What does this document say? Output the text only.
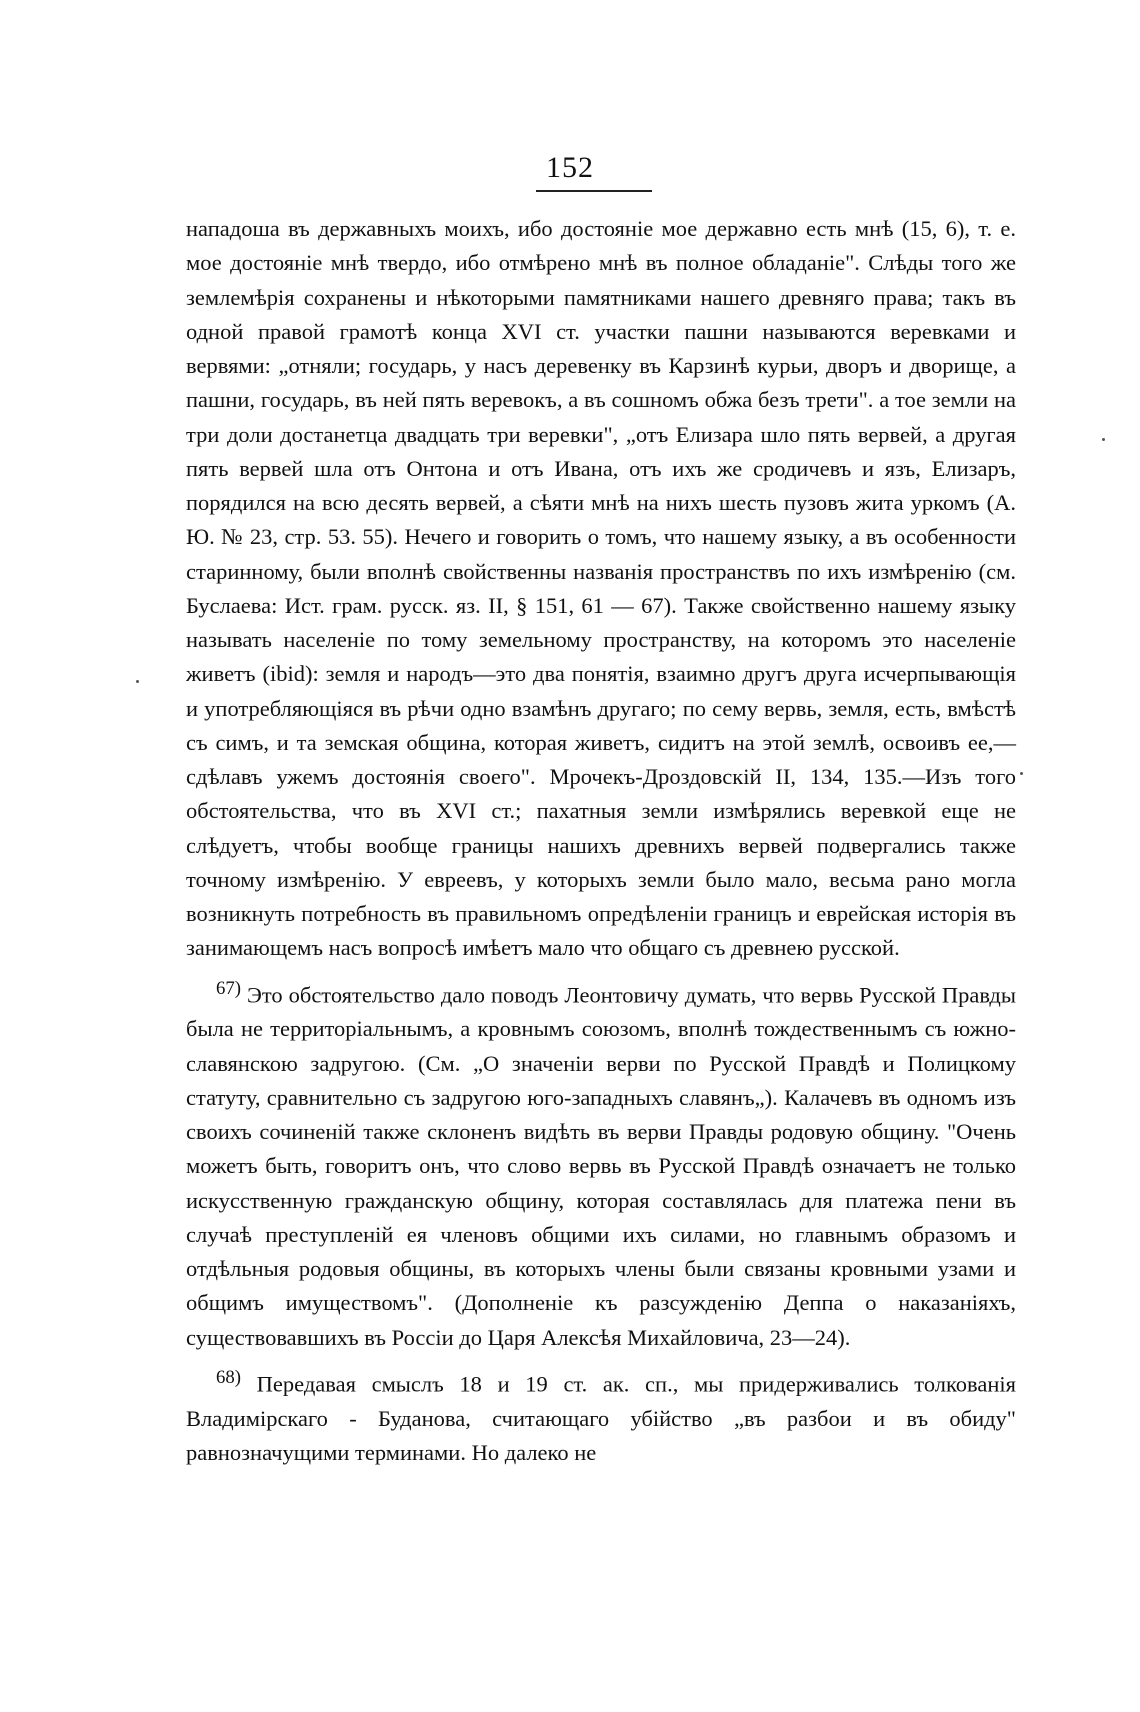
152

нападоша въ державныхъ моихъ, ибо достоянiе мое державно есть мнѣ (15, 6), т. е. мое достоянiе мнѣ твердо, ибо отмѣрено мнѣ въ полное обладанiе". Слѣды того же землемѣрiя сохранены и нѣкоторыми памятниками нашего древняго права; такъ въ одной правой грамотѣ конца XVI ст. участки пашни называются веревками и вервями: „отняли; государь, у насъ деревенку въ Карзинѣ курьи, дворъ и дворище, а пашни, государь, въ ней пять веревокъ, а въ сошномъ обжа безъ трети". а тое земли на три доли достанетца двадцать три веревки", „отъ Елизара шло пять вервей, а другая пять вервей шла отъ Онтона и отъ Ивана, отъ ихъ же сродичевъ и язъ, Елизаръ, порядился на всю десять вервей, а сѣяти мнѣ на нихъ шесть пузовъ жита уркомъ (А. Ю. № 23, стр. 53. 55). Нечего и говорить о томъ, что нашему языку, а въ особенности старинному, были вполнѣ свойственны названiя пространствъ по ихъ измѣренiю (см. Буслаева: Ист. грам. русск. яз. II, § 151, 61 — 67). Также свойственно нашему языку называть населенiе по тому земельному пространству, на которомъ это населенiе живетъ (ibid): земля и народъ—это два понятiя, взаимно другъ друга исчерпывающiя и употребляющiяся въ рѣчи одно взамѣнъ другаго; по сему вервь, земля, есть, вмѣстѣ съ симъ, и та земская община, которая живетъ, сидитъ на этой землѣ, освоивъ ее,—сдѣлавъ ужемъ достоянiя своего". Мрочекъ-Дроздовскiй II, 134, 135.—Изъ того обстоятельства, что въ XVI ст.; пахатныя земли измѣрялись веревкой еще не слѣдуетъ, чтобы вообще границы нашихъ древнихъ вервей подвергались также точному измѣренiю. У евреевъ, у которыхъ земли было мало, весьма рано могла возникнуть потребность въ правильномъ опредѣленiи границъ и еврейская исторiя въ занимающемъ насъ вопросѣ имѣетъ мало что общаго съ древнею русской.

$^{67)}$ Это обстоятельство дало поводъ Леонтовичу думать, что вервь Русской Правды была не территорiальнымъ, а кровнымъ союзомъ, вполнѣ тождественнымъ съ южно-славянскою задругою. (См. „О значенiи верви по Русской Правдѣ и Полицкому статуту, сравнительно съ задругою юго-западныхъ славянъ„). Калачевъ въ одномъ изъ своихъ сочиненiй также склоненъ видѣть въ верви Правды родовую общину. "Очень можетъ быть, говоритъ онъ, что слово вервь въ Русской Правдѣ означаетъ не только искусственную гражданскую общину, которая составлялась для платежа пени въ случаѣ преступленiй ея членовъ общими ихъ силами, но главнымъ образомъ и отдѣльныя родовыя общины, въ которыхъ члены были связаны кровными узами и общимъ имуществомъ". (Дополненiе къ разсужденiю Деппа о наказанiяхъ, существовавшихъ въ Россiи до Царя Алексѣя Михайловича, 23—24).

$^{68)}$ Передавая смыслъ 18 и 19 ст. ак. сп., мы придерживались толкованiя Владимiрскаго - Буданова, считающаго убiйство „въ разбои и въ обиду" равнозначущими терминами. Но далеко не
